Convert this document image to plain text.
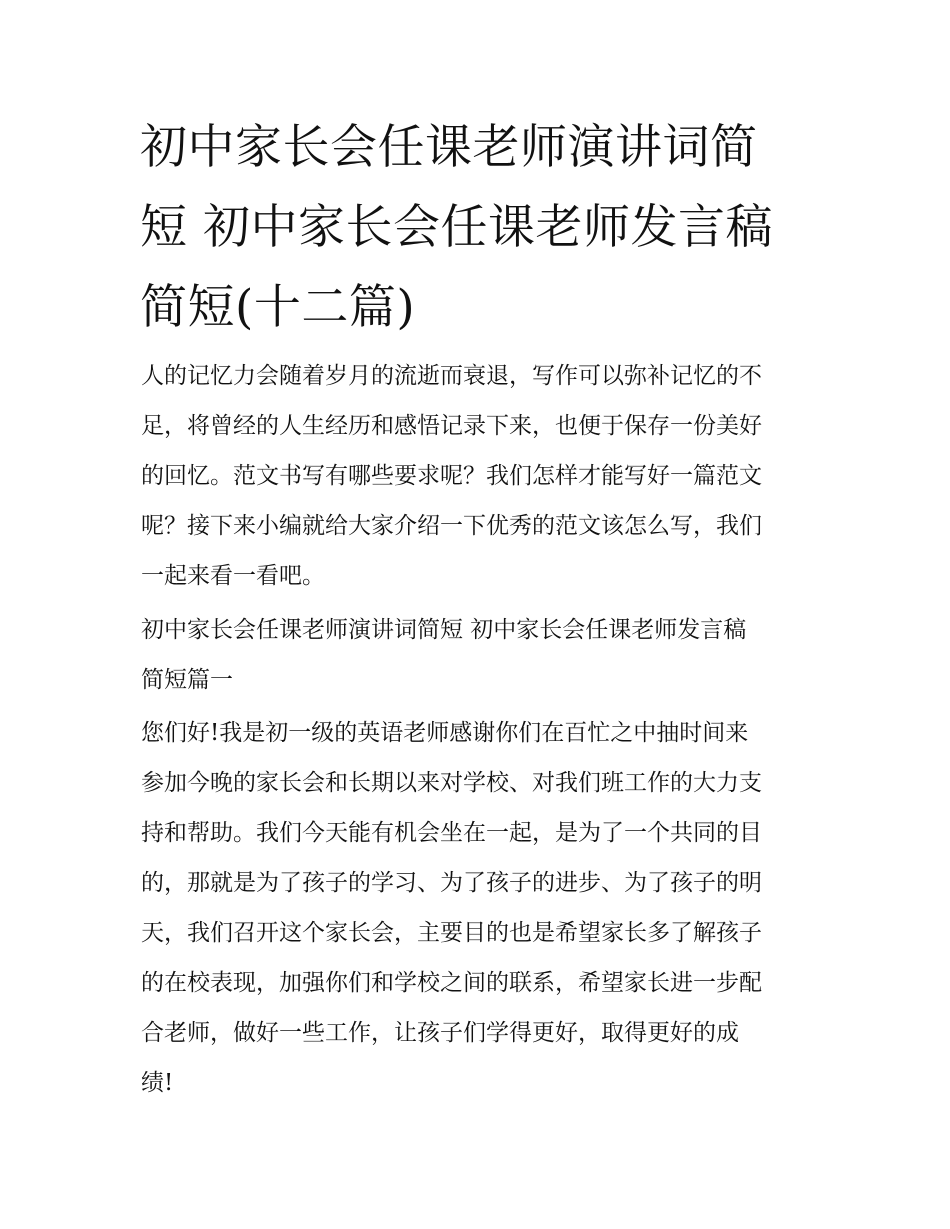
初中家长会任课老师演讲词简
短 初中家长会任课老师发言稿
简短(十二篇)

人的记忆力会随着岁月的流逝而衰退，写作可以弥补记忆的不
足，将曾经的人生经历和感悟记录下来，也便于保存一份美好
的回忆。范文书写有哪些要求呢？我们怎样才能写好一篇范文
呢？接下来小编就给大家介绍一下优秀的范文该怎么写，我们
一起来看一看吧。

初中家长会任课老师演讲词简短 初中家长会任课老师发言稿
简短篇一

您们好!我是初一级的英语老师感谢你们在百忙之中抽时间来
参加今晚的家长会和长期以来对学校、对我们班工作的大力支
持和帮助。我们今天能有机会坐在一起，是为了一个共同的目
的，那就是为了孩子的学习、为了孩子的进步、为了孩子的明
天，我们召开这个家长会，主要目的也是希望家长多了解孩子
的在校表现，加强你们和学校之间的联系，希望家长进一步配
合老师，做好一些工作，让孩子们学得更好，取得更好的成
绩!
